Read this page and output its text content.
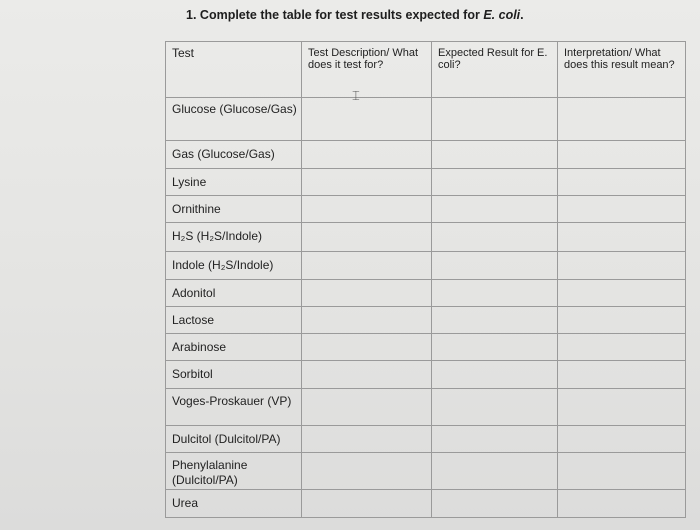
1. Complete the table for test results expected for E. coli.
Test	Test Description/ What does it test for?	Expected Result for E. coli?	Interpretation/ What does this result mean?

Glucose (Glucose/Gas)			

Gas (Glucose/Gas)			

Lysine			

Ornithine			

H₂S (H₂S/Indole)			

Indole (H₂S/Indole)			

Adonitol			

Lactose			

Arabinose			

Sorbitol			

Voges-Proskauer (VP)			

Dulcitol (Dulcitol/PA)			

Phenylalanine (Dulcitol/PA)			

Urea			

⌶
